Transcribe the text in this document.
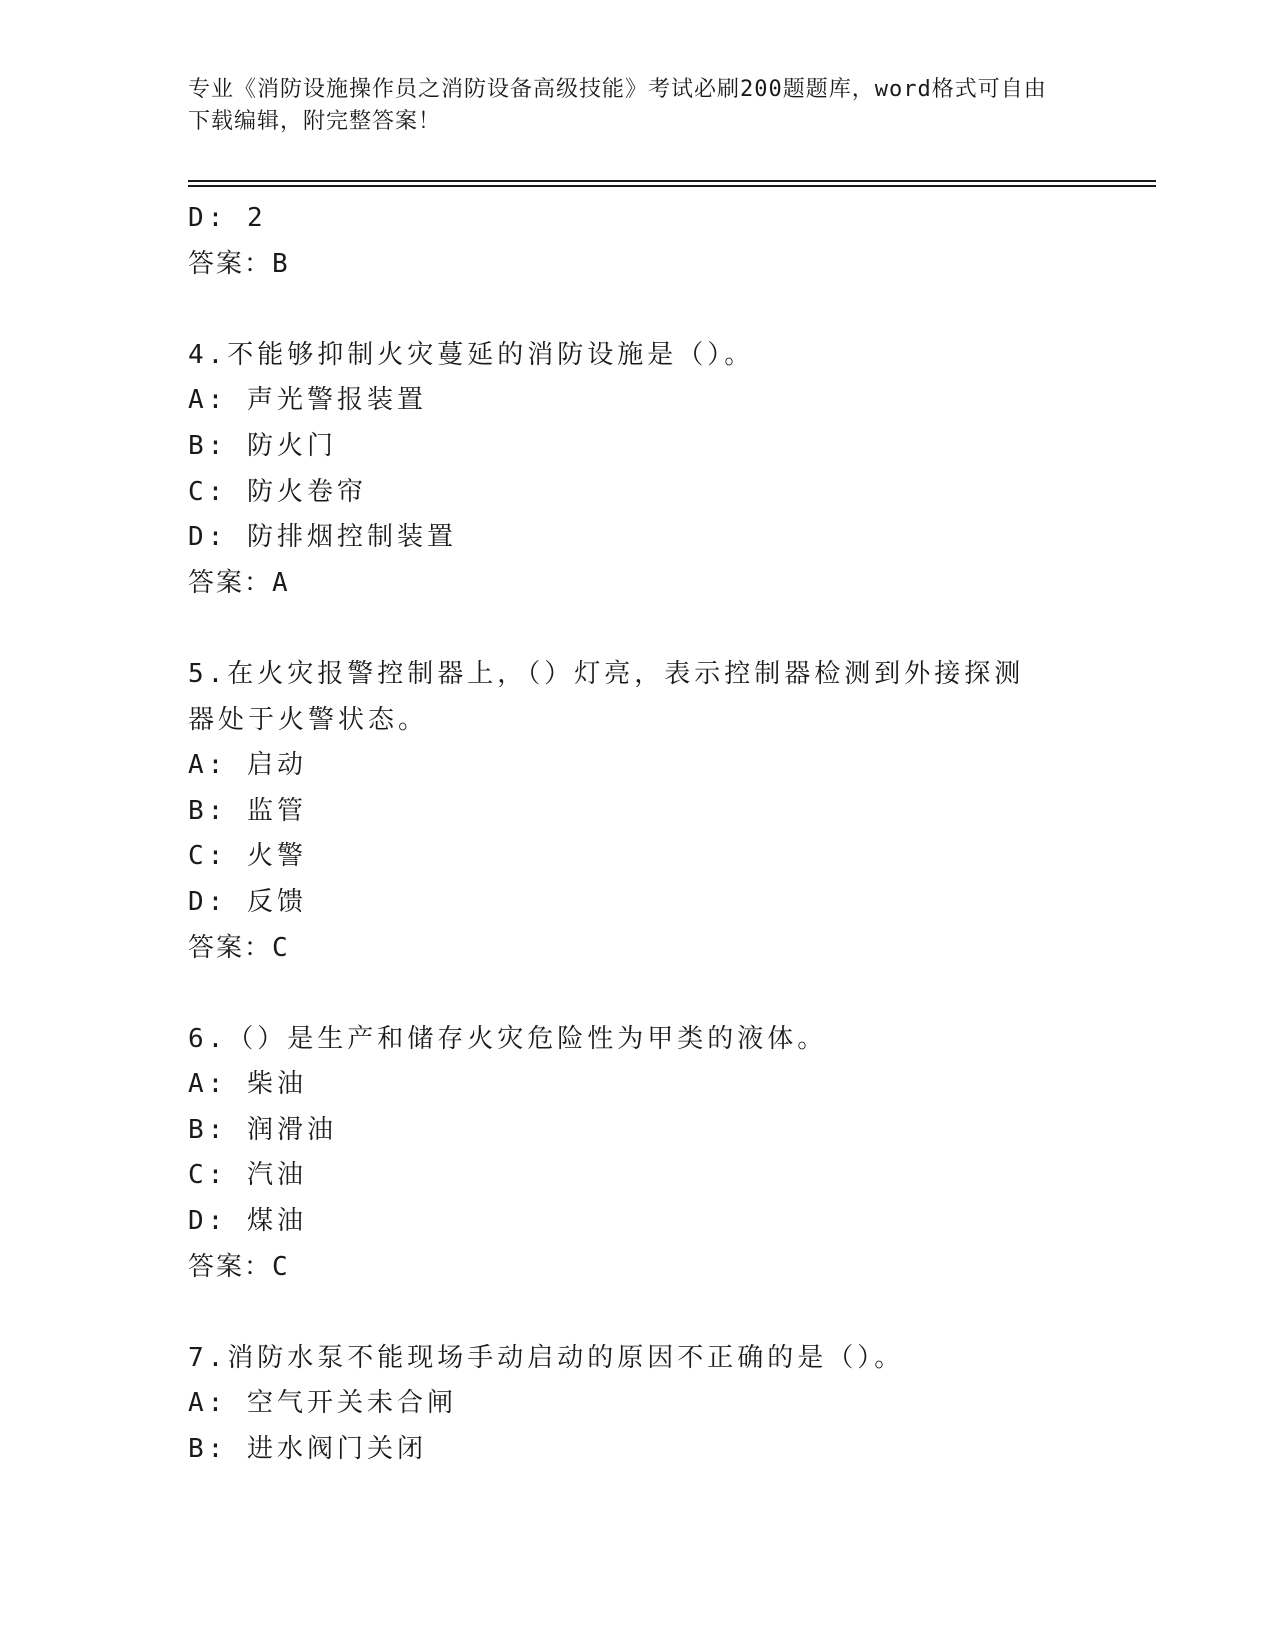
专业《消防设施操作员之消防设备高级技能》考试必刷200题题库，word格式可自由下载编辑，附完整答案！
D: 2
答案：B
4.不能够抑制火灾蔓延的消防设施是（）。
A: 声光警报装置
B: 防火门
C: 防火卷帘
D: 防排烟控制装置
答案：A
5.在火灾报警控制器上，（）灯亮，表示控制器检测到外接探测器处于火警状态。
A: 启动
B: 监管
C: 火警
D: 反馈
答案：C
6.（）是生产和储存火灾危险性为甲类的液体。
A: 柴油
B: 润滑油
C: 汽油
D: 煤油
答案：C
7.消防水泵不能现场手动启动的原因不正确的是（）。
A: 空气开关未合闸
B: 进水阀门关闭
